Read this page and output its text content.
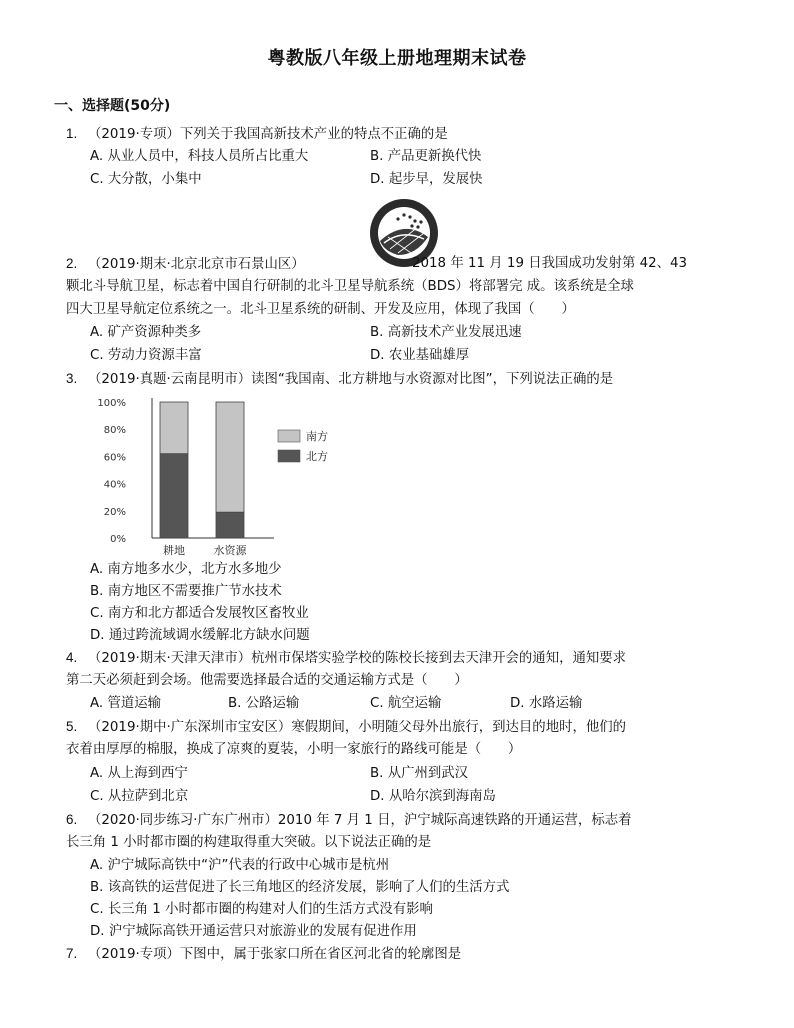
粤教版八年级上册地理期末试卷
一、选择题(50分)
1. （2019·专项）下列关于我国高新技术产业的特点不正确的是
A. 从业人员中，科技人员所占比重大	B. 产品更新换代快
C. 大分散，小集中	D. 起步早，发展快
2. （2019·期末·北京北京市石景山区）	2018 年 11 月 19 日我国成功发射第 42、43
颗北斗导航卫星，标志着中国自行研制的北斗卫星导航系统（BDS）将部署完 成。该系统是全球
四大卫星导航定位系统之一。北斗卫星系统的研制、开发及应用，体现了我国（　　）
A. 矿产资源种类多	B. 高新技术产业发展迅速
C. 劳动力资源丰富	D. 农业基础雄厚
3. （2019·真题·云南昆明市）读图“我国南、北方耕地与水资源对比图”，下列说法正确的是
0%
20%
40%
60%
80%
100%
耕地	水资源
南方
北方
A. 南方地多水少，北方水多地少
B. 南方地区不需要推广节水技术
C. 南方和北方都适合发展牧区畜牧业
D. 通过跨流域调水缓解北方缺水问题
4. （2019·期末·天津天津市）杭州市保塔实验学校的陈校长接到去天津开会的通知，通知要求
第二天必须赶到会场。他需要选择最合适的交通运输方式是（　　）
A. 管道运输	B. 公路运输	C. 航空运输	D. 水路运输
5. （2019·期中·广东深圳市宝安区）寒假期间，小明随父母外出旅行，到达目的地时，他们的
衣着由厚厚的棉服，换成了凉爽的夏装，小明一家旅行的路线可能是（　　）
A. 从上海到西宁	B. 从广州到武汉
C. 从拉萨到北京	D. 从哈尔滨到海南岛
6. （2020·同步练习·广东广州市）2010 年 7 月 1 日，沪宁城际高速铁路的开通运营，标志着
长三角 1 小时都市圈的构建取得重大突破。以下说法正确的是
A. 沪宁城际高铁中“沪”代表的行政中心城市是杭州
B. 该高铁的运营促进了长三角地区的经济发展，影响了人们的生活方式
C. 长三角 1 小时都市圈的构建对人们的生活方式没有影响
D. 沪宁城际高铁开通运营只对旅游业的发展有促进作用
7. （2019·专项）下图中，属于张家口所在省区河北省的轮廓图是
